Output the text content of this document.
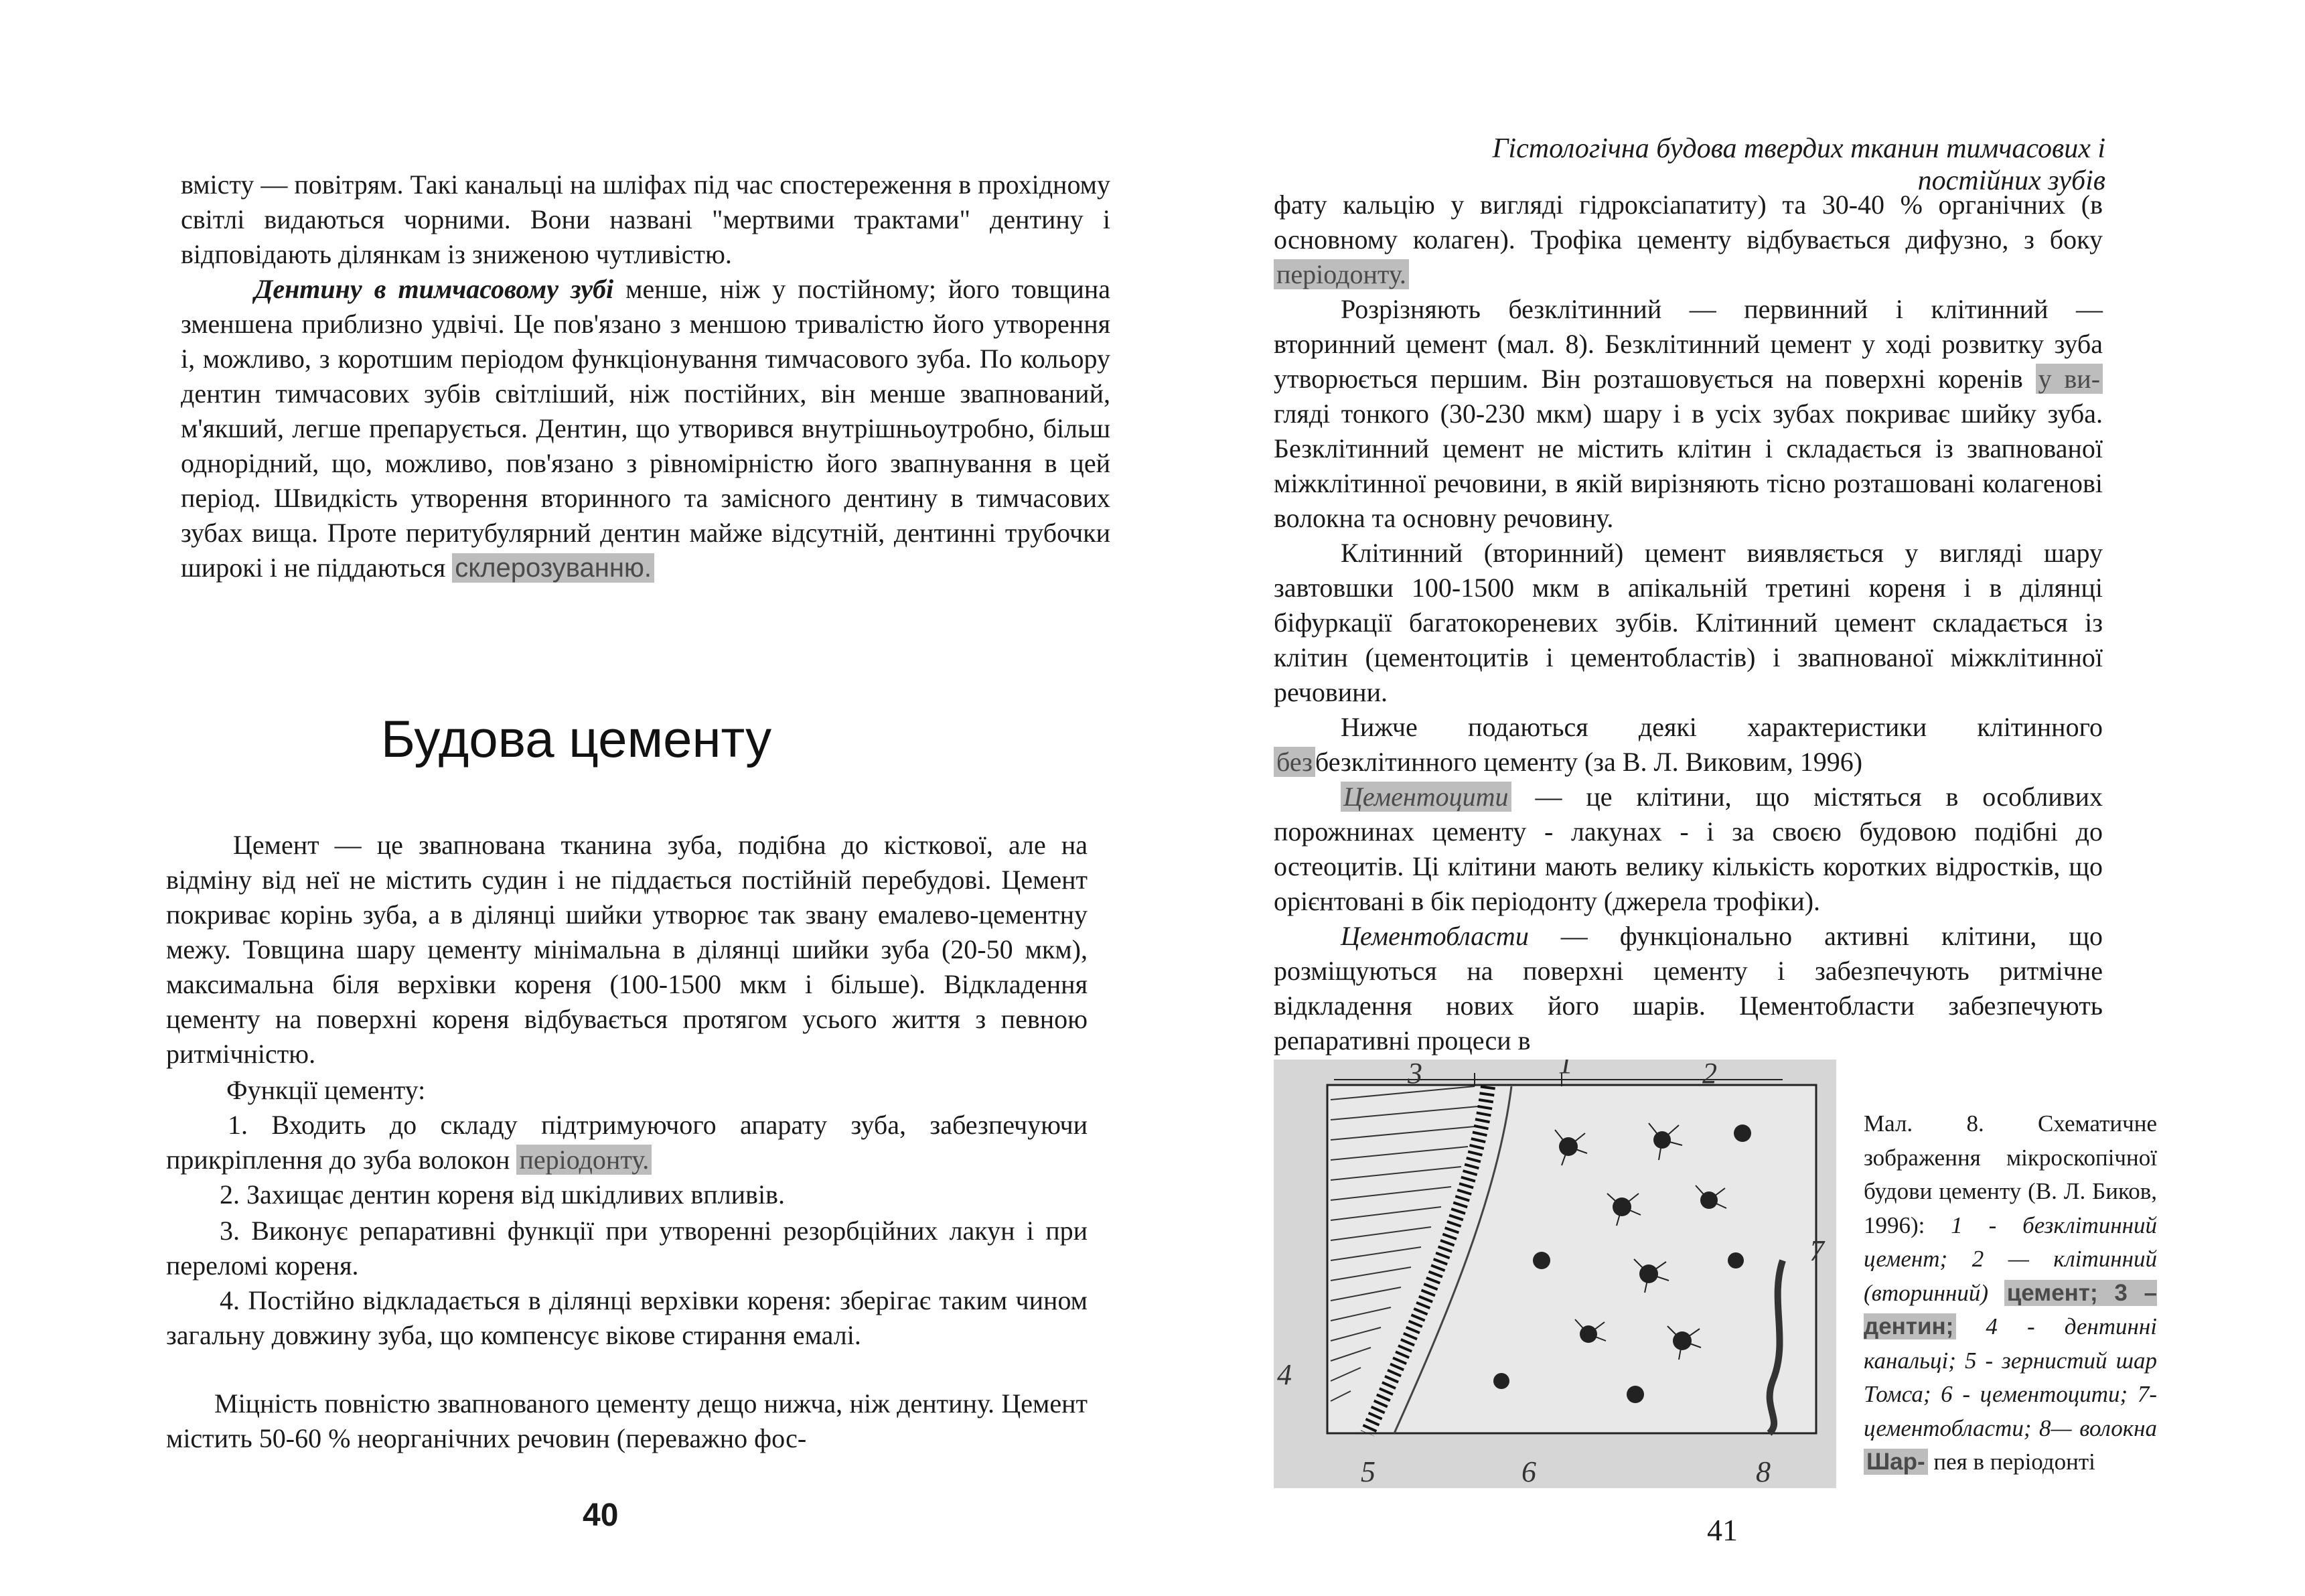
вмісту — повітрям. Такі канальці на шліфах під час спостереження в прохідному світлі видаються чорними. Вони названі "мертвими трактами" дентину і відповідають ділянкам із зниженою чутливістю.

Дентину в тимчасовому зубі менше, ніж у постійному; його товщина зменшена приблизно удвічі. Це пов'язано з меншою тривалістю його утворення і, можливо, з коротшим періодом функціонування тимчасового зуба. По кольору дентин тимчасових зубів світліший, ніж постійних, він менше звапнований, м'якший, легше препарується. Дентин, що утворився внутрішньоутробно, більш однорідний, що, можливо, пов'язано з рівномірністю його звапнування в цей період. Швидкість утворення вторинного та замісного дентину в тимчасових зубах вища. Проте перитубулярний дентин майже відсутній, дентинні трубочки широкі і не піддаються склерозуванню.

Будова цементу

Цемент — це звапнована тканина зуба, подібна до кісткової, але на відміну від неї не містить судин і не піддається постійній перебудові. Цемент покриває корінь зуба, а в ділянці шийки утворює так звану емалево-цементну межу. Товщина шару цементу мінімальна в ділянці шийки зуба (20-50 мкм), максимальна біля верхівки кореня (100-1500 мкм і більше). Відкладення цементу на поверхні кореня відбувається протягом усього життя з певною ритмічністю.

Функції цементу:

1. Входить до складу підтримуючого апарату зуба, забезпечуючи прикріплення до зуба волокон періодонту.

2. Захищає дентин кореня від шкідливих впливів.

3. Виконує репаративні функції при утворенні резорбційних лакун і при переломі кореня.

4. Постійно відкладається в ділянці верхівки кореня: зберігає таким чином загальну довжину зуба, що компенсує вікове стирання емалі.

Міцність повністю звапнованого цементу дещо нижча, ніж дентину. Цемент містить 50-60 % неорганічних речовин (переважно фос-

40
Гістологічна будова твердих тканин тимчасових і постійних зубів

фату кальцію у вигляді гідроксіапатиту) та 30-40 % органічних (в основному колаген). Трофіка цементу відбувається дифузно, з боку періодонту.

Розрізняють безклітинний — первинний і клітинний — вторинний цемент (мал. 8). Безклітинний цемент у ході розвитку зуба утворюється першим. Він розташовується на поверхні коренів у ви-гляді тонкого (30-230 мкм) шару і в усіх зубах покриває шийку зуба. Безклітинний цемент не містить клітин і складається із звапнованої міжклітинної речовини, в якій вирізняють тісно розташовані колагенові волокна та основну речовину.

Клітинний (вторинний) цемент виявляється у вигляді шару завтовшки 100-1500 мкм в апікальній третині кореня і в ділянці біфуркації багатокореневих зубів. Клітинний цемент складається із клітин (цементоцитів і цементобластів) і звапнованої міжклітинної речовини.

Нижче подаються деякі характеристики клітинного без безклітинного цементу (за В. Л. Виковим, 1996)

Цементоцити — це клітини, що містяться в особливих порожнинах цементу - лакунах - і за своєю будовою подібні до остеоцитів. Ці клітини мають велику кількість коротких відростків, що орієнтовані в бік періодонту (джерела трофіки).

Цементобласти — функціонально активні клітини, що розміщуються на поверхні цементу і забезпечують ритмічне відкладення нових його шарів. Цементобласти забезпечують репаративні процеси в

3	1	2
7
4
5	6	8
Мал. 8. Схематичне зображення мікроскопічної будови цементу (В. Л. Биков, 1996): 1 - безклітинний цемент; 2 — клітинний (вторинний) цемент; 3 – дентин; 4 - дентинні канальці; 5 - зернистий шар Томса; 6 - цементоцити; 7- цементобласти; 8— волокна Шар- пея в періодонті
41
